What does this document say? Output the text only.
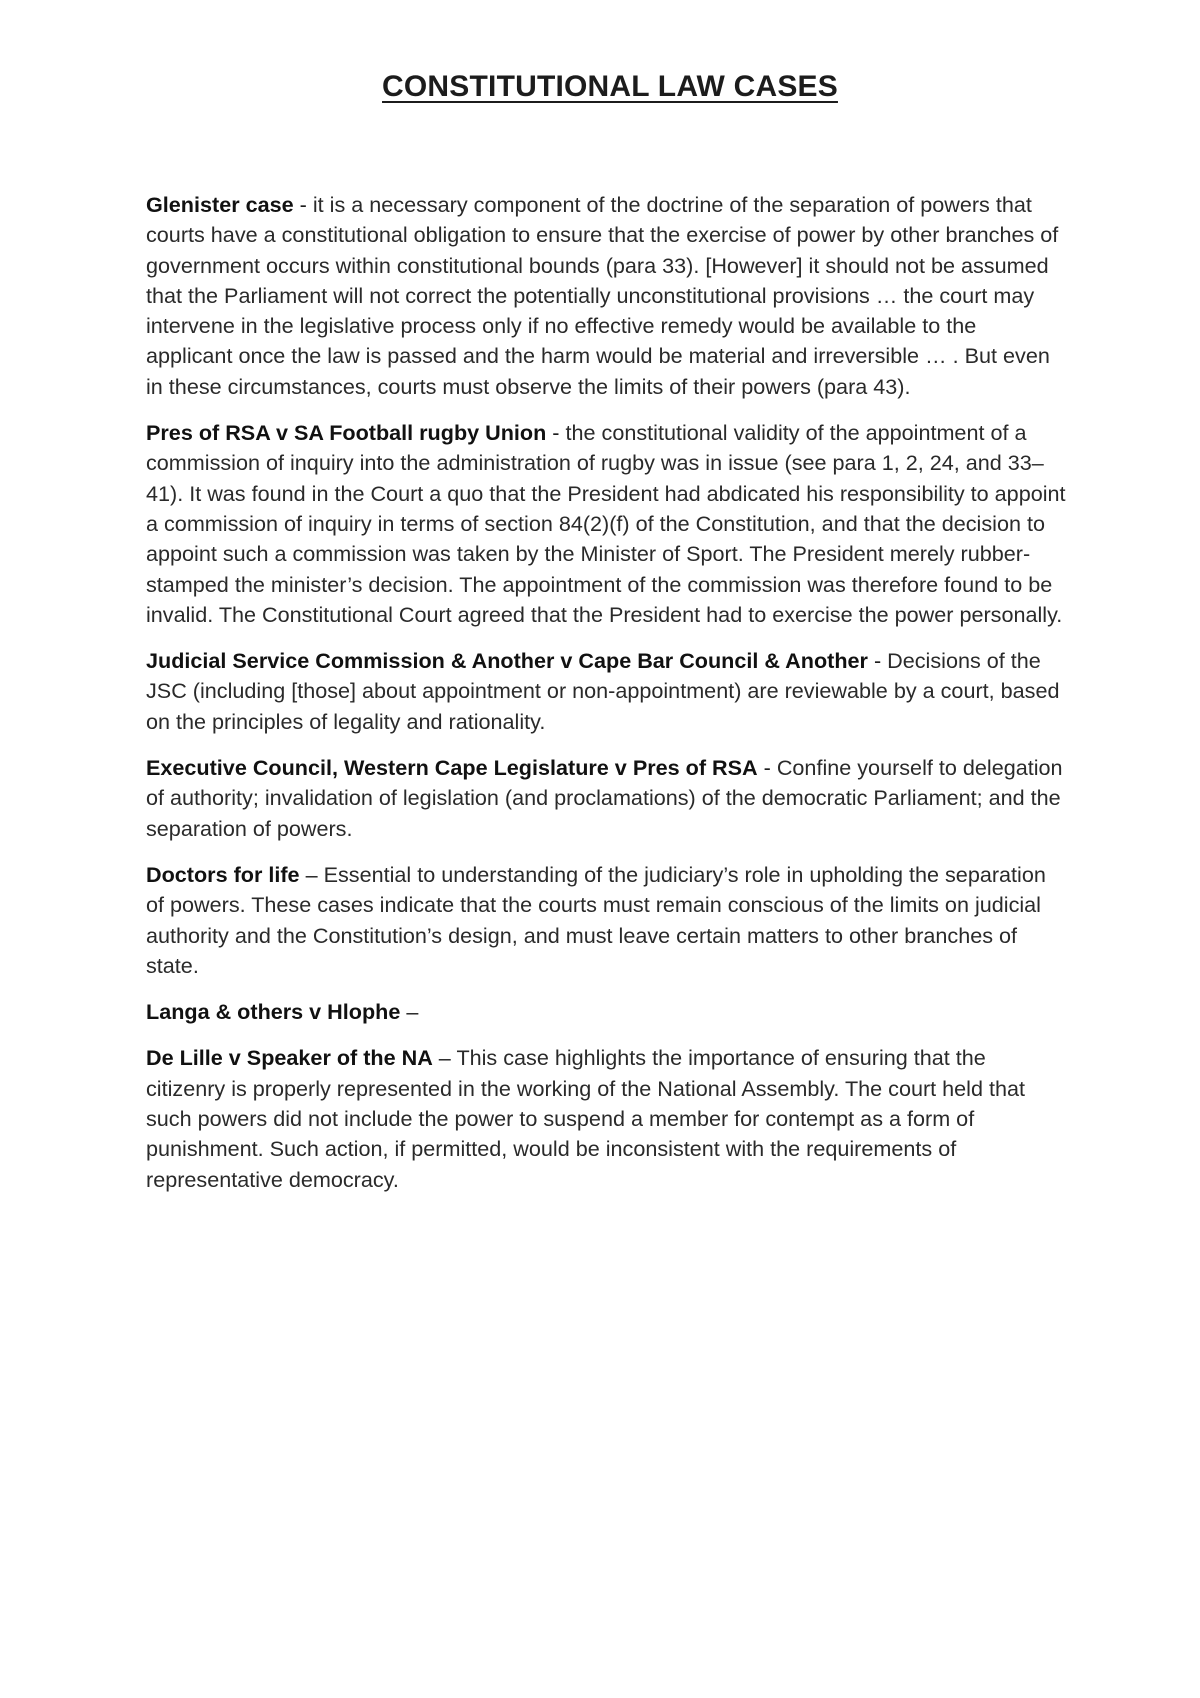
CONSTITUTIONAL LAW CASES

Glenister case - it is a necessary component of the doctrine of the separation of powers that courts have a constitutional obligation to ensure that the exercise of power by other branches of government occurs within constitutional bounds (para 33). [However] it should not be assumed that the Parliament will not correct the potentially unconstitutional provisions … the court may intervene in the legislative process only if no effective remedy would be available to the applicant once the law is passed and the harm would be material and irreversible … . But even in these circumstances, courts must observe the limits of their powers (para 43).

Pres of RSA v SA Football rugby Union - the constitutional validity of the appointment of a commission of inquiry into the administration of rugby was in issue (see para 1, 2, 24, and 33–41). It was found in the Court a quo that the President had abdicated his responsibility to appoint a commission of inquiry in terms of section 84(2)(f) of the Constitution, and that the decision to appoint such a commission was taken by the Minister of Sport. The President merely rubber-stamped the minister’s decision. The appointment of the commission was therefore found to be invalid. The Constitutional Court agreed that the President had to exercise the power personally.

Judicial Service Commission & Another v Cape Bar Council & Another - Decisions of the JSC (including [those] about appointment or non-appointment) are reviewable by a court, based on the principles of legality and rationality.

Executive Council, Western Cape Legislature v Pres of RSA - Confine yourself to delegation of authority; invalidation of legislation (and proclamations) of the democratic Parliament; and the separation of powers.

Doctors for life – Essential to understanding of the judiciary’s role in upholding the separation of powers. These cases indicate that the courts must remain conscious of the limits on judicial authority and the Constitution’s design, and must leave certain matters to other branches of state.

Langa & others v Hlophe –

De Lille v Speaker of the NA – This case highlights the importance of ensuring that the citizenry is properly represented in the working of the National Assembly. The court held that such powers did not include the power to suspend a member for contempt as a form of punishment. Such action, if permitted, would be inconsistent with the requirements of representative democracy.
